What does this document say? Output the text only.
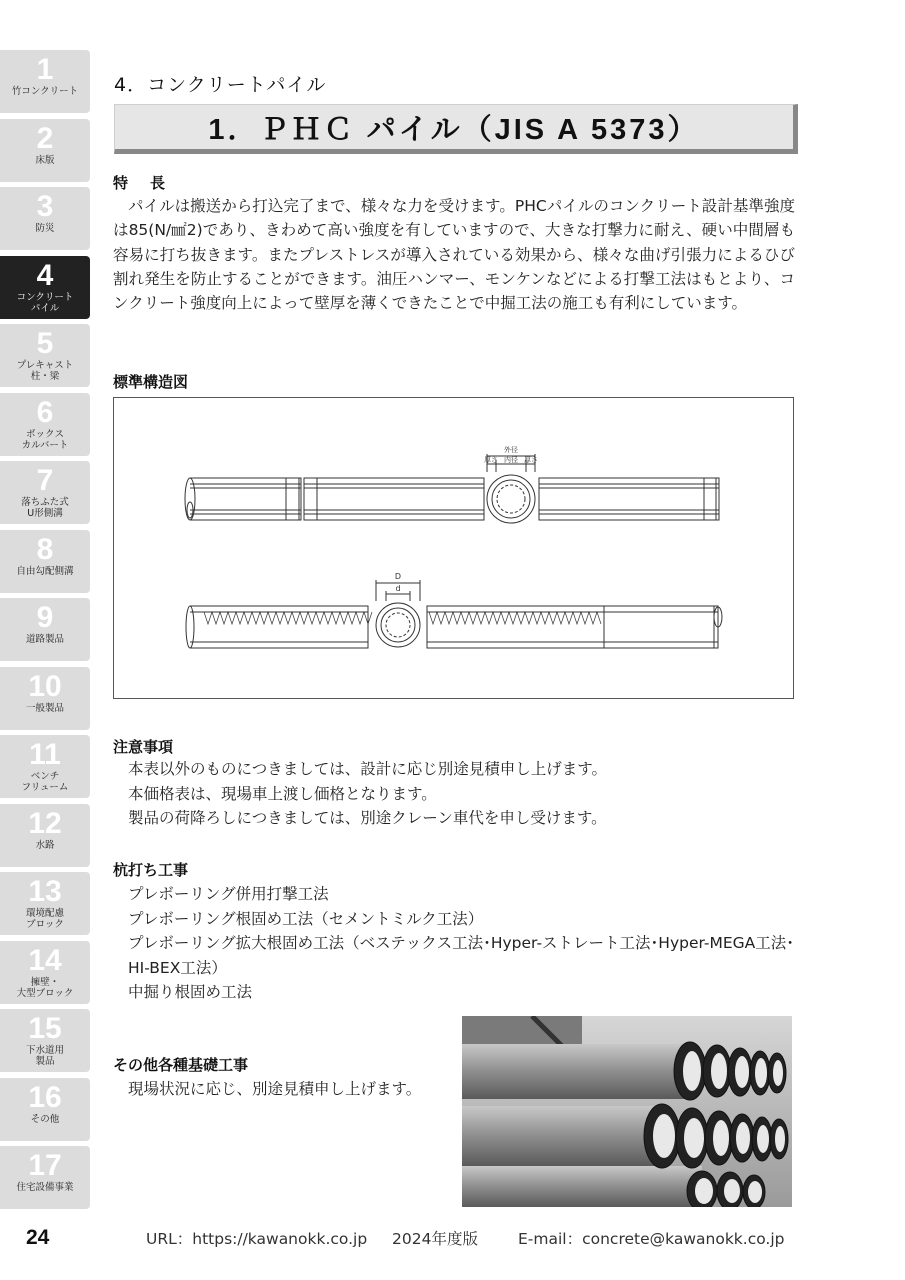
1
竹コンクリート
2
床版
3
防災
4
コンクリート
パイル
5
プレキャスト
柱・梁
6
ボックス
カルバート
7
落ちふた式
U形側溝
8
自由勾配側溝
9
道路製品
10
一般製品
11
ベンチ
フリューム
12
水路
13
環境配慮
ブロック
14
擁壁・
大型ブロック
15
下水道用
製品
16
その他
17
住宅設備事業
4．コンクリートパイル
1．ＰＨＣ パイル（JIS A 5373）
特長

パイルは搬送から打込完了まで、様々な力を受けます。PHCパイルのコンクリート設計基準強度は85(N/㎟2)であり、きわめて高い強度を有していますので、大きな打撃力に耐え、硬い中間層も容易に打ち抜きます。またプレストレスが導入されている効果から、様々な曲げ引張力によるひび割れ発生を防止することができます。油圧ハンマー、モンケンなどによる打撃工法はもとより、コンクリート強度向上によって壁厚を薄くできたことで中掘工法の施工も有利にしています。

標準構造図
外径
厚さ 内径 厚さ
D
d
注意事項
本表以外のものにつきましては、設計に応じ別途見積申し上げます。
本価格表は、現場車上渡し価格となります。
製品の荷降ろしにつきましては、別途クレーン車代を申し受けます。
杭打ち工事
プレボーリング併用打撃工法
プレボーリング根固め工法（セメントミルク工法）
プレボーリング拡大根固め工法（ベステックス工法･Hyper-ストレート工法･Hyper-MEGA工法･
HI-BEX工法）
中掘り根固め工法
その他各種基礎工事
現場状況に応じ、別途見積申し上げます。
24	URL：https://kawanokk.co.jp 2024年度版	E-mail：concrete@kawanokk.co.jp
